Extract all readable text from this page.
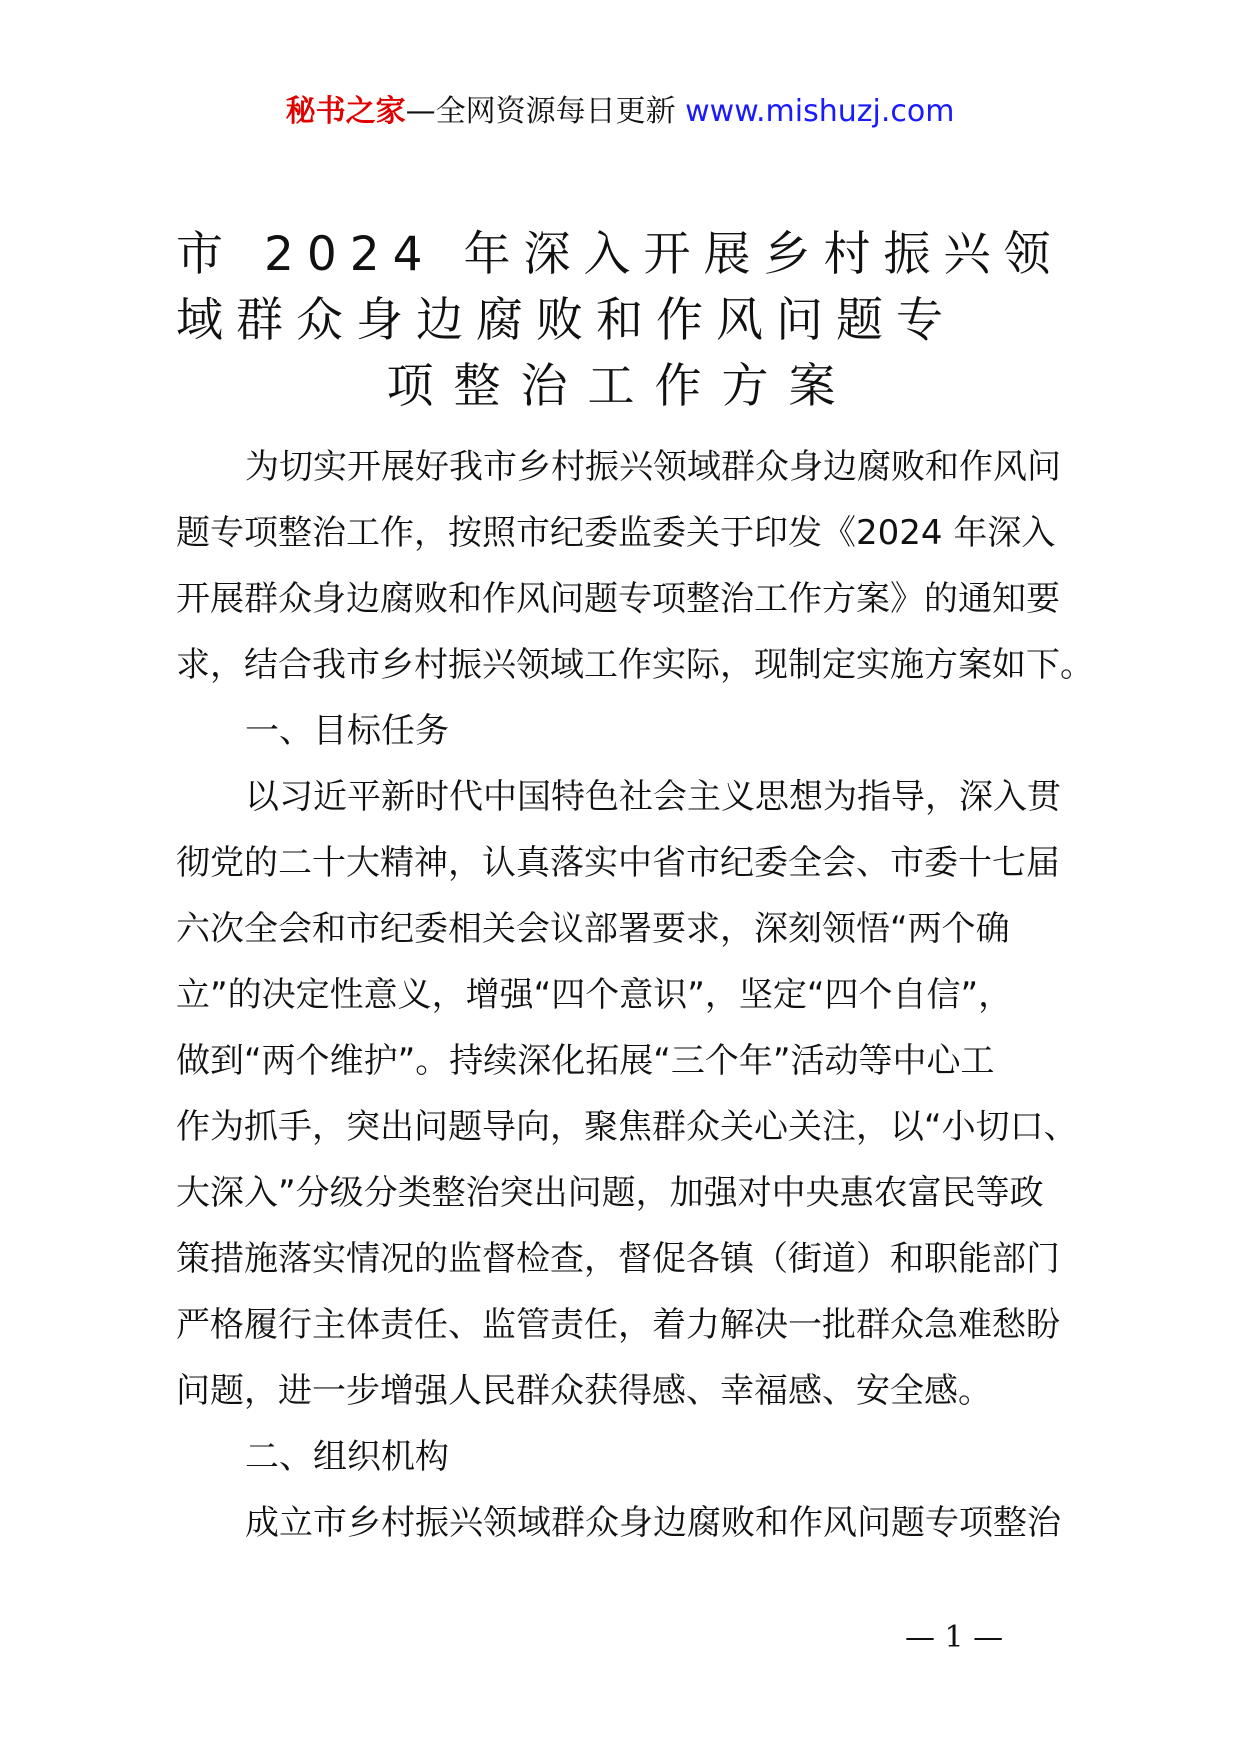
秘书之家—全网资源每日更新 www.mishuzj.com
市 2024 年深入开展乡村振兴领
域群众身边腐败和作风问题专
项整治工作方案
为切实开展好我市乡村振兴领域群众身边腐败和作风问
题专项整治工作，按照市纪委监委关于印发《2024 年深入
开展群众身边腐败和作风问题专项整治工作方案》的通知要
求，结合我市乡村振兴领域工作实际，现制定实施方案如下。
一、目标任务
以习近平新时代中国特色社会主义思想为指导，深入贯
彻党的二十大精神，认真落实中省市纪委全会、市委十七届
六次全会和市纪委相关会议部署要求，深刻领悟“两个确
立”的决定性意义，增强“四个意识”，坚定“四个自信”，
做到“两个维护”。持续深化拓展“三个年”活动等中心工
作为抓手，突出问题导向，聚焦群众关心关注，以“小切口、
大深入”分级分类整治突出问题，加强对中央惠农富民等政
策措施落实情况的监督检查，督促各镇（街道）和职能部门
严格履行主体责任、监管责任，着力解决一批群众急难愁盼
问题，进一步增强人民群众获得感、幸福感、安全感。
二、组织机构
成立市乡村振兴领域群众身边腐败和作风问题专项整治
— 1 —
